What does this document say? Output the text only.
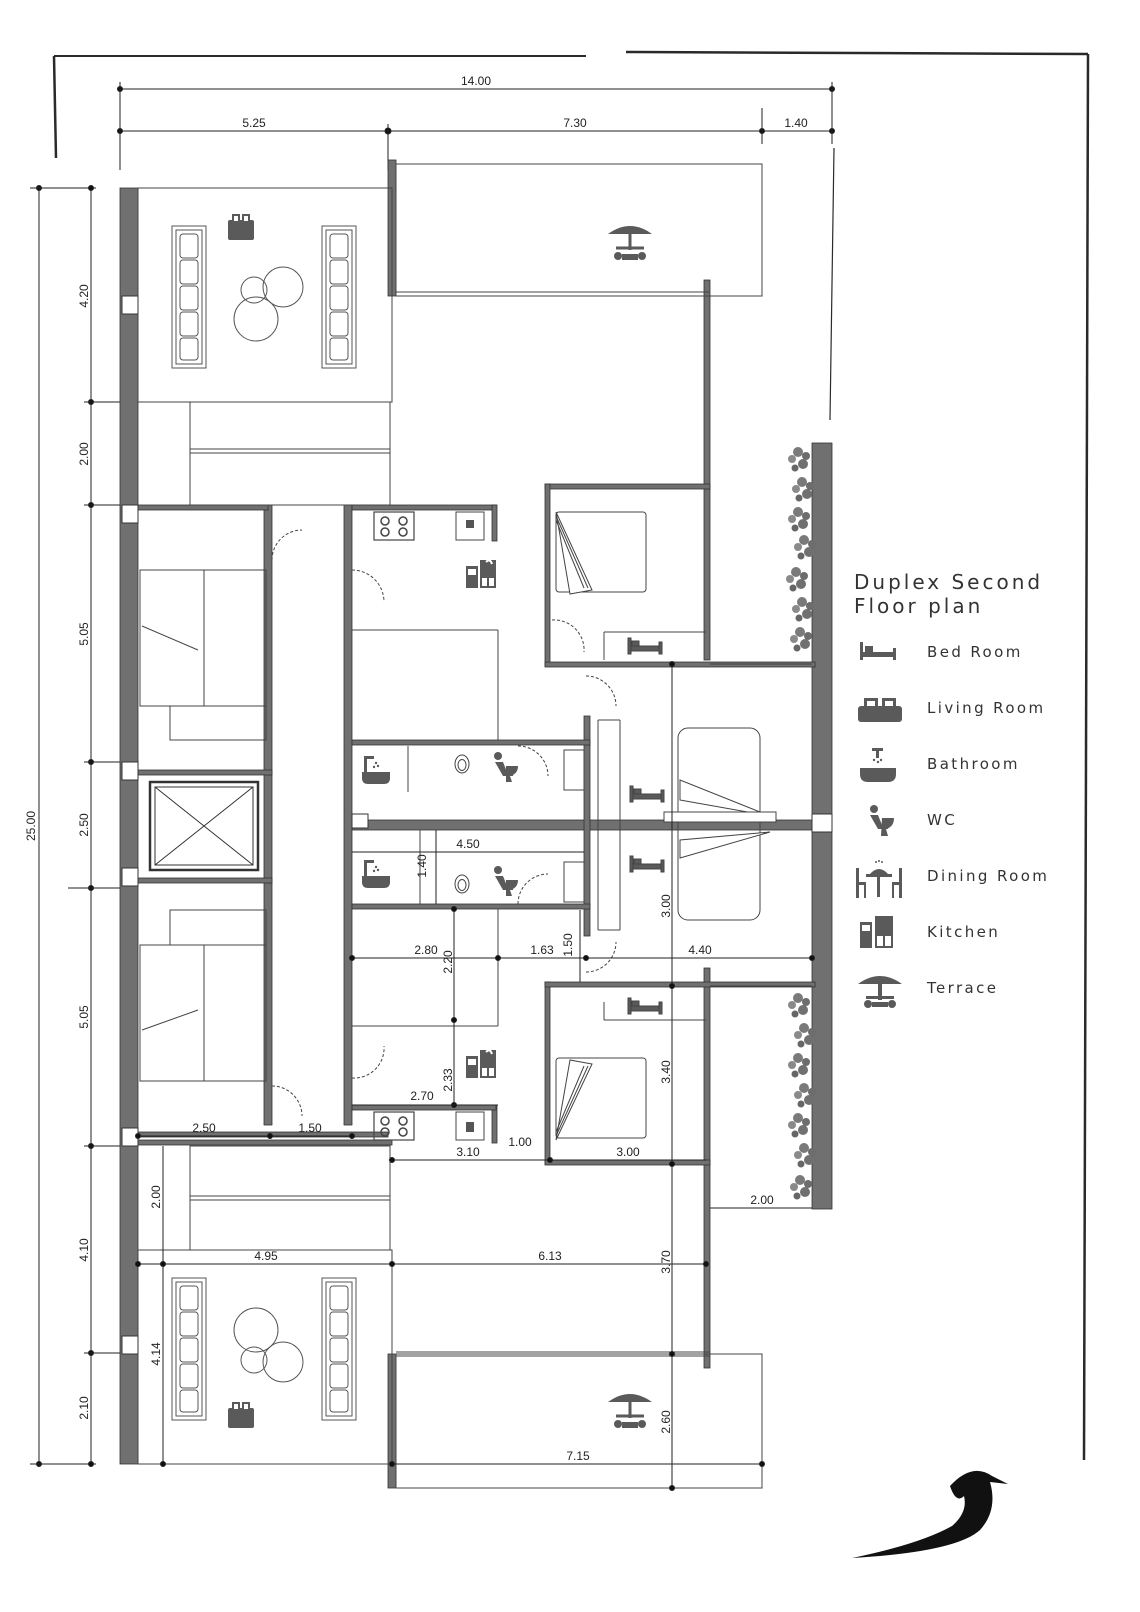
14.00
5.25	7.30	1.40
25.00
4.20
2.00
5.05
2.50
5.05
4.10
2.10
4.50
1.40
2.80
2.20
1.63 1.50	4.40
3.00
2.33
2.70
3.40
2.50	1.50
3.10
1.00
3.00
2.00
2.00
4.95	6.13	3.70
4.14
2.60
7.15
Duplex Second
Floor plan
Bed Room
Living Room
Bathroom
WC
Dining Room
Kitchen
Terrace
